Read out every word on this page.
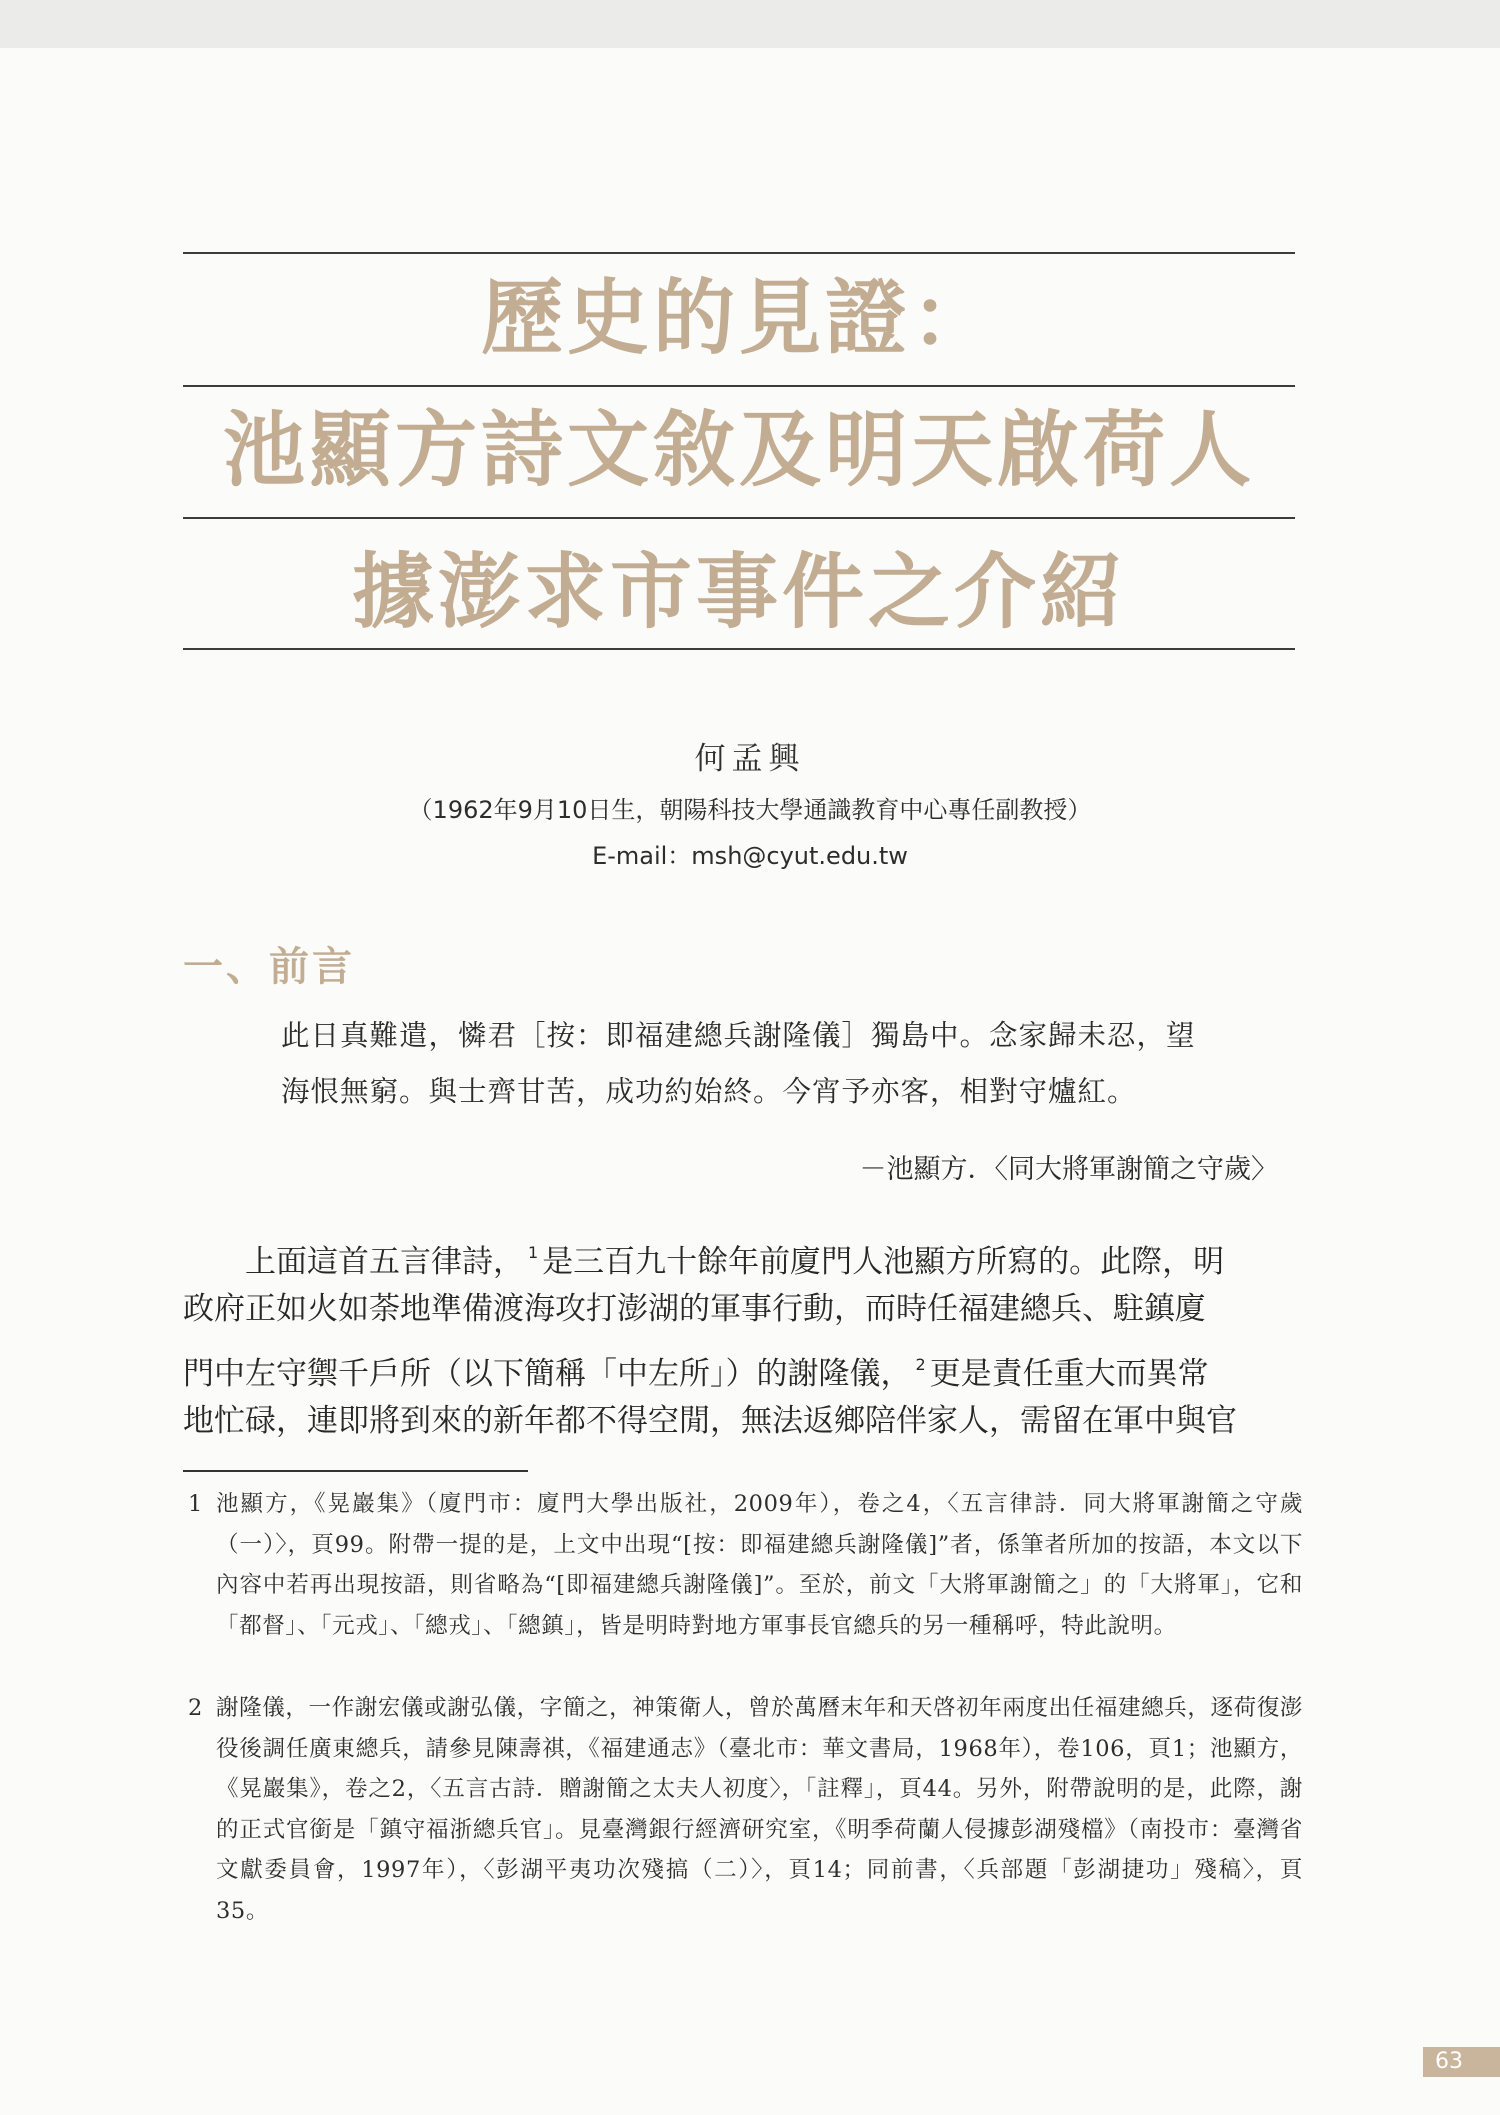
歷史的見證：
池顯方詩文敘及明天啟荷人
據澎求市事件之介紹
何孟興
（1962年9月10日生，朝陽科技大學通識教育中心專任副教授）
E-mail：msh@cyut.edu.tw
一、前言
此日真難遣，憐君［按：即福建總兵謝隆儀］獨島中。念家歸未忍，望
海恨無窮。與士齊甘苦，成功約始終。今宵予亦客，相對守爐紅。
－池顯方．〈同大將軍謝簡之守歲〉
上面這首五言律詩， $^1$ 是三百九十餘年前廈門人池顯方所寫的。此際，明
政府正如火如荼地準備渡海攻打澎湖的軍事行動，而時任福建總兵、駐鎮廈
門中左守禦千戶所（以下簡稱「中左所」）的謝隆儀， $^2$ 更是責任重大而異常
地忙碌，連即將到來的新年都不得空閒，無法返鄉陪伴家人，需留在軍中與官
1 池顯方，《晃巖集》（廈門市：廈門大學出版社，2009年），卷之4，〈五言律詩．同大將軍謝簡之守歲（一）〉，頁99。附帶一提的是，上文中出現“[按：即福建總兵謝隆儀]”者，係筆者所加的按語，本文以下內容中若再出現按語，則省略為“[即福建總兵謝隆儀]”。至於，前文「大將軍謝簡之」的「大將軍」，它和「都督」、「元戎」、「總戎」、「總鎮」，皆是明時對地方軍事長官總兵的另一種稱呼，特此說明。
2 謝隆儀，一作謝宏儀或謝弘儀，字簡之，神策衛人，曾於萬曆末年和天啓初年兩度出任福建總兵，逐荷復澎役後調任廣東總兵，請參見陳壽祺，《福建通志》（臺北市：華文書局，1968年），卷106，頁1；池顯方，《晃巖集》，卷之2，〈五言古詩．贈謝簡之太夫人初度〉，「註釋」，頁44。另外，附帶說明的是，此際，謝的正式官銜是「鎮守福浙總兵官」。見臺灣銀行經濟研究室，《明季荷蘭人侵據彭湖殘檔》（南投市：臺灣省文獻委員會，1997年），〈彭湖平夷功次殘搞（二）〉，頁14；同前書，〈兵部題「彭湖捷功」殘稿〉，頁35。
63
